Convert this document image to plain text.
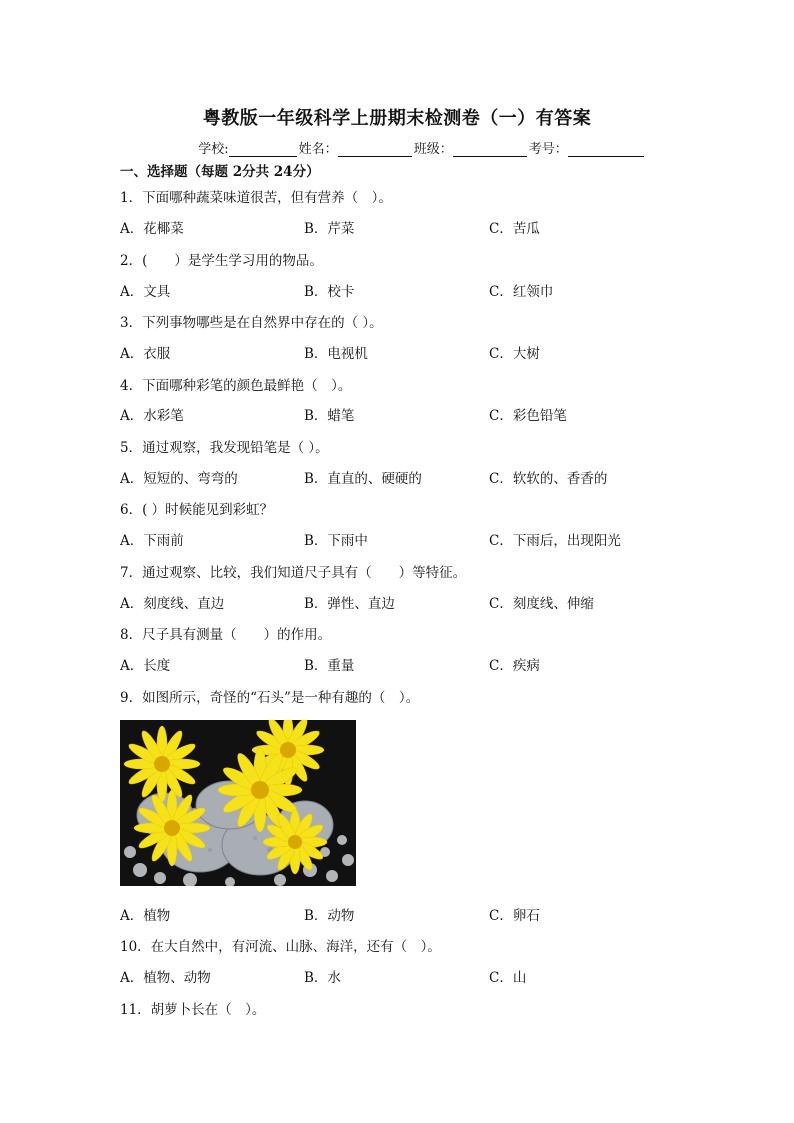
粤教版一年级科学上册期末检测卷（一）有答案
学校:	姓名：	班级：	考号：
一、选择题（每题 2分共 24分）
1．下面哪种蔬菜味道很苦，但有营养（　）。
A．花椰菜	B．芹菜	C．苦瓜
2．(　　）是学生学习用的物品。
A．文具	B．校卡	C．红领巾
3．下列事物哪些是在自然界中存在的（ ）。
A．衣服	B．电视机	C．大树
4．下面哪种彩笔的颜色最鲜艳（　）。
A．水彩笔	B．蜡笔	C．彩色铅笔
5．通过观察，我发现铅笔是（ ）。
A．短短的、弯弯的	B．直直的、硬硬的	C．软软的、香香的
6．( ）时候能见到彩虹？
A．下雨前	B．下雨中	C．下雨后，出现阳光
7．通过观察、比较，我们知道尺子具有（　　）等特征。
A．刻度线、直边	B．弹性、直边	C．刻度线、伸缩
8．尺子具有测量（　　）的作用。
A．长度	B．重量	C．疾病
9．如图所示，奇怪的“石头”是一种有趣的（　）。
A．植物	B．动物	C．卵石
10．在大自然中，有河流、山脉、海洋，还有（　）。
A．植物、动物	B．水	C．山
11．胡萝卜长在（　）。
